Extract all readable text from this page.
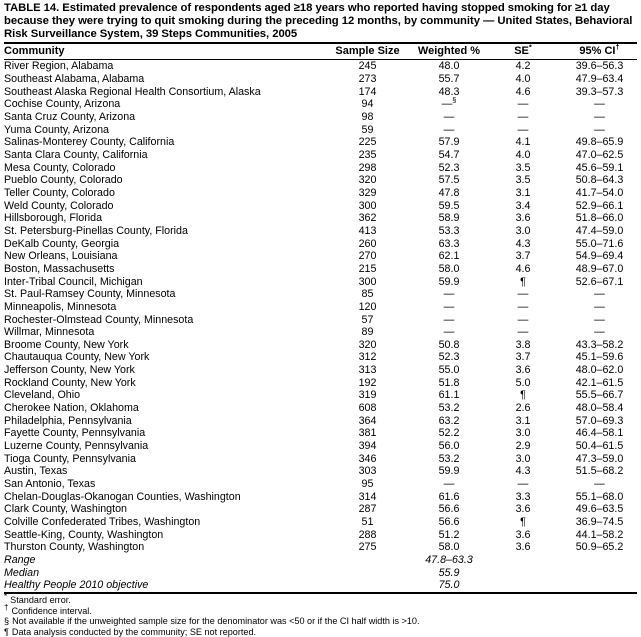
TABLE 14. Estimated prevalence of respondents aged ≥18 years who reported having stopped smoking for ≥1 day because they were trying to quit smoking during the preceding 12 months, by community — United States, Behavioral Risk Surveillance System, 39 Steps Communities, 2005
Community	Sample Size	Weighted %	SE*	95% CI†
River Region, Alabama	245	48.0	4.2	39.6–56.3
Southeast Alabama, Alabama	273	55.7	4.0	47.9–63.4
Southeast Alaska Regional Health Consortium, Alaska	174	48.3	4.6	39.3–57.3
Cochise County, Arizona	94	—§	—	—
Santa Cruz County, Arizona	98	—	—	—
Yuma County, Arizona	59	—	—	—
Salinas-Monterey County, California	225	57.9	4.1	49.8–65.9
Santa Clara County, California	235	54.7	4.0	47.0–62.5
Mesa County, Colorado	298	52.3	3.5	45.6–59.1
Pueblo County, Colorado	320	57.5	3.5	50.8–64.3
Teller County, Colorado	329	47.8	3.1	41.7–54.0
Weld County, Colorado	300	59.5	3.4	52.9–66.1
Hillsborough, Florida	362	58.9	3.6	51.8–66.0
St. Petersburg-Pinellas County, Florida	413	53.3	3.0	47.4–59.0
DeKalb County, Georgia	260	63.3	4.3	55.0–71.6
New Orleans, Louisiana	270	62.1	3.7	54.9–69.4
Boston, Massachusetts	215	58.0	4.6	48.9–67.0
Inter-Tribal Council, Michigan	300	59.9	¶	52.6–67.1
St. Paul-Ramsey County, Minnesota	85	—	—	—
Minneapolis, Minnesota	120	—	—	—
Rochester-Olmstead County, Minnesota	57	—	—	—
Willmar, Minnesota	89	—	—	—
Broome County, New York	320	50.8	3.8	43.3–58.2
Chautauqua County, New York	312	52.3	3.7	45.1–59.6
Jefferson County, New York	313	55.0	3.6	48.0–62.0
Rockland County, New York	192	51.8	5.0	42.1–61.5
Cleveland, Ohio	319	61.1	¶	55.5–66.7
Cherokee Nation, Oklahoma	608	53.2	2.6	48.0–58.4
Philadelphia, Pennsylvania	364	63.2	3.1	57.0–69.3
Fayette County, Pennsylvania	381	52.2	3.0	46.4–58.1
Luzerne County, Pennsylvania	394	56.0	2.9	50.4–61.5
Tioga County, Pennsylvania	346	53.2	3.0	47.3–59.0
Austin, Texas	303	59.9	4.3	51.5–68.2
San Antonio, Texas	95	—	—	—
Chelan-Douglas-Okanogan Counties, Washington	314	61.6	3.3	55.1–68.0
Clark County, Washington	287	56.6	3.6	49.6–63.5
Colville Confederated Tribes, Washington	51	56.6	¶	36.9–74.5
Seattle-King, County, Washington	288	51.2	3.6	44.1–58.2
Thurston County, Washington	275	58.0	3.6	50.9–65.2
Range		47.8–63.3		
Median		55.9		
Healthy People 2010 objective		75.0		
* Standard error.
† Confidence interval.
§ Not available if the unweighted sample size for the denominator was <50 or if the CI half width is >10.
¶ Data analysis conducted by the community; SE not reported.
